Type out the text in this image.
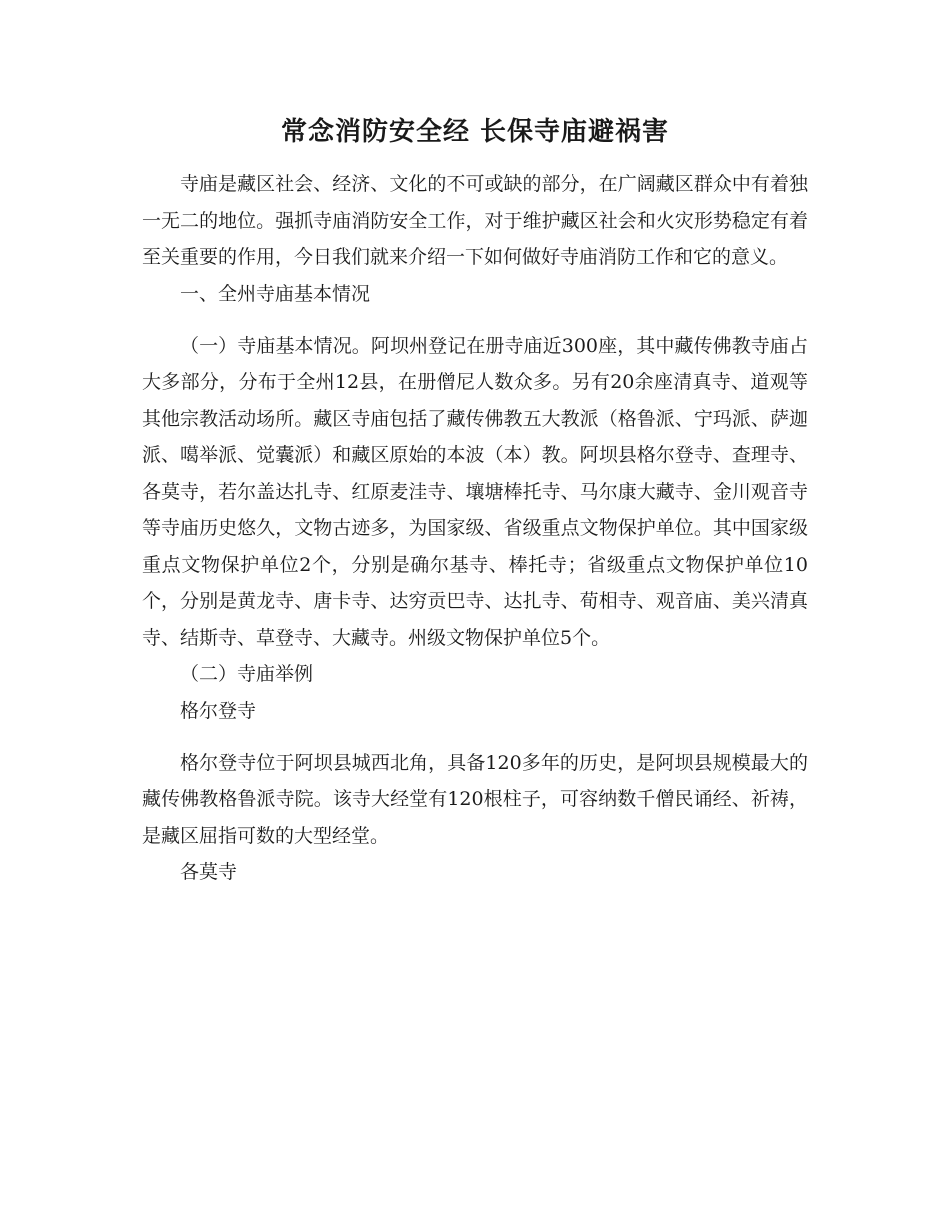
常念消防安全经 长保寺庙避祸害

寺庙是藏区社会、经济、文化的不可或缺的部分，在广阔藏区群众中有着独一无二的地位。强抓寺庙消防安全工作，对于维护藏区社会和火灾形势稳定有着至关重要的作用，今日我们就来介绍一下如何做好寺庙消防工作和它的意义。

一、全州寺庙基本情况

（一）寺庙基本情况。阿坝州登记在册寺庙近300座，其中藏传佛教寺庙占大多部分，分布于全州12县，在册僧尼人数众多。另有20余座清真寺、道观等其他宗教活动场所。藏区寺庙包括了藏传佛教五大教派（格鲁派、宁玛派、萨迦派、噶举派、觉囊派）和藏区原始的本波（本）教。阿坝县格尔登寺、查理寺、各莫寺，若尔盖达扎寺、红原麦洼寺、壤塘棒托寺、马尔康大藏寺、金川观音寺等寺庙历史悠久，文物古迹多，为国家级、省级重点文物保护单位。其中国家级重点文物保护单位2个，分别是确尔基寺、棒托寺；省级重点文物保护单位10个，分别是黄龙寺、唐卡寺、达穷贡巴寺、达扎寺、荀相寺、观音庙、美兴清真寺、结斯寺、草登寺、大藏寺。州级文物保护单位5个。

（二）寺庙举例

格尔登寺

格尔登寺位于阿坝县城西北角，具备120多年的历史，是阿坝县规模最大的藏传佛教格鲁派寺院。该寺大经堂有120根柱子，可容纳数千僧民诵经、祈祷，是藏区屈指可数的大型经堂。

各莫寺
